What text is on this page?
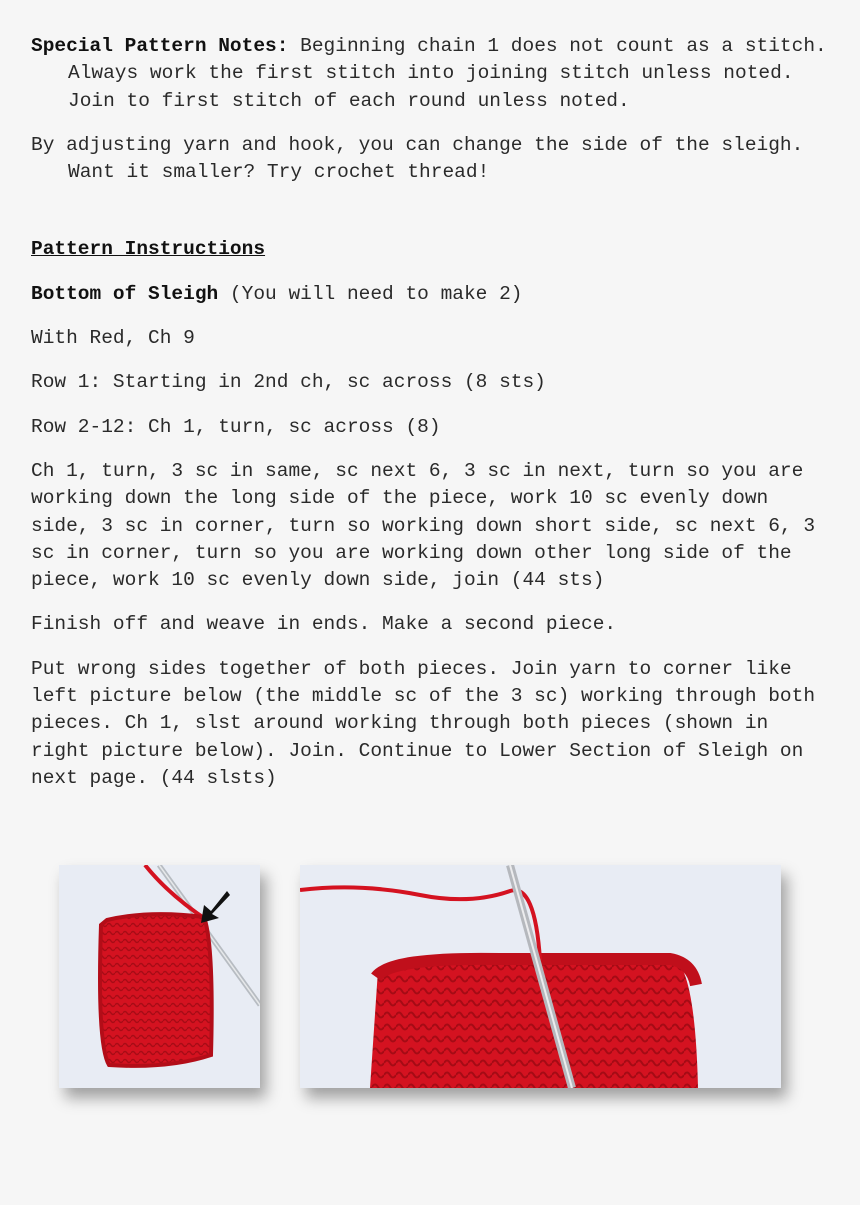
Special Pattern Notes: Beginning chain 1 does not count as a stitch. Always work the first stitch into joining stitch unless noted. Join to first stitch of each round unless noted.

By adjusting yarn and hook, you can change the side of the sleigh. Want it smaller? Try crochet thread!

Pattern Instructions

Bottom of Sleigh (You will need to make 2)

With Red, Ch 9

Row 1: Starting in 2nd ch, sc across (8 sts)

Row 2-12: Ch 1, turn, sc across (8)

Ch 1, turn, 3 sc in same, sc next 6, 3 sc in next, turn so you are working down the long side of the piece, work 10 sc evenly down side, 3 sc in corner, turn so working down short side, sc next 6, 3 sc in corner, turn so you are working down other long side of the piece, work 10 sc evenly down side, join (44 sts)

Finish off and weave in ends. Make a second piece.

Put wrong sides together of both pieces. Join yarn to corner like left picture below (the middle sc of the 3 sc) working through both pieces. Ch 1, slst around working through both pieces (shown in right picture below). Join. Continue to Lower Section of Sleigh on next page. (44 slsts)
